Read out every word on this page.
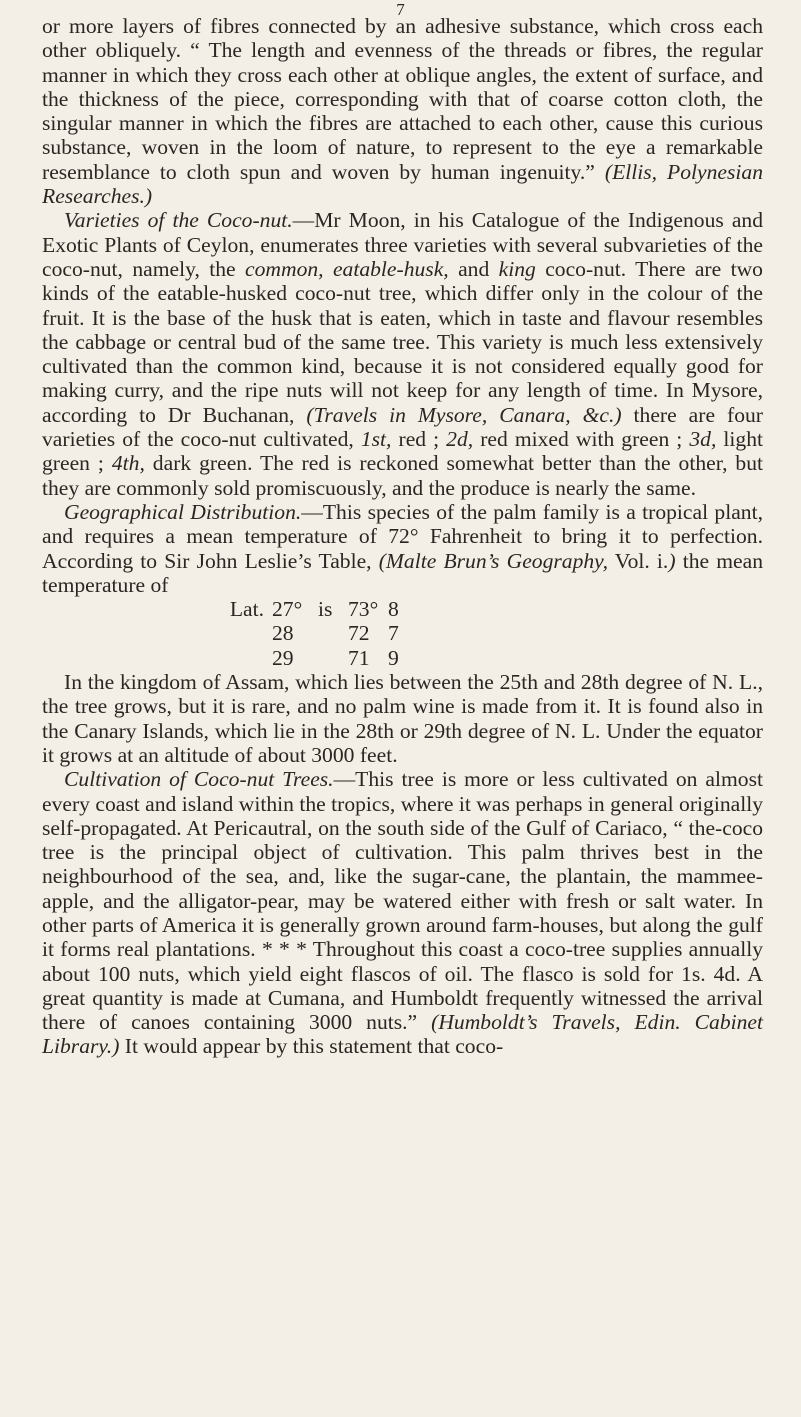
7

or more layers of fibres connected by an adhesive substance, which cross each other obliquely. “ The length and evenness of the threads or fibres, the regular manner in which they cross each other at oblique angles, the extent of surface, and the thickness of the piece, corresponding with that of coarse cotton cloth, the singular manner in which the fibres are attached to each other, cause this curious substance, woven in the loom of nature, to represent to the eye a remarkable resemblance to cloth spun and woven by human ingenuity.” (Ellis, Polynesian Researches.)

Varieties of the Coco-nut.—Mr Moon, in his Catalogue of the Indigenous and Exotic Plants of Ceylon, enumerates three varieties with several subvarieties of the coco-nut, namely, the common, eatable-husk, and king coco-nut. There are two kinds of the eatable-husked coco-nut tree, which differ only in the colour of the fruit. It is the base of the husk that is eaten, which in taste and flavour resembles the cabbage or central bud of the same tree. This variety is much less extensively cultivated than the common kind, because it is not considered equally good for making curry, and the ripe nuts will not keep for any length of time. In Mysore, according to Dr Buchanan, (Travels in Mysore, Canara, &c.) there are four varieties of the coco-nut cultivated, 1st, red ; 2d, red mixed with green ; 3d, light green ; 4th, dark green. The red is reckoned somewhat better than the other, but they are commonly sold promiscuously, and the produce is nearly the same.

Geographical Distribution.—This species of the palm family is a tropical plant, and requires a mean temperature of 72° Fahrenheit to bring it to perfection. According to Sir John Leslie’s Table, (Malte Brun’s Geography, Vol. i.) the mean temperature of

Lat. 27° is 73° 8
28	72 7
29	71 9

In the kingdom of Assam, which lies between the 25th and 28th degree of N. L., the tree grows, but it is rare, and no palm wine is made from it. It is found also in the Canary Islands, which lie in the 28th or 29th degree of N. L. Under the equator it grows at an altitude of about 3000 feet.

Cultivation of Coco-nut Trees.—This tree is more or less cultivated on almost every coast and island within the tropics, where it was perhaps in general originally self-propagated. At Pericautral, on the south side of the Gulf of Cariaco, “ the-coco tree is the principal object of cultivation. This palm thrives best in the neighbourhood of the sea, and, like the sugar-cane, the plantain, the mammee-apple, and the alligator-pear, may be watered either with fresh or salt water. In other parts of America it is generally grown around farm-houses, but along the gulf it forms real plantations. * * * Throughout this coast a coco-tree supplies annually about 100 nuts, which yield eight flascos of oil. The flasco is sold for 1s. 4d. A great quantity is made at Cumana, and Humboldt frequently witnessed the arrival there of canoes containing 3000 nuts.” (Humboldt’s Travels, Edin. Cabinet Library.) It would appear by this statement that coco-
